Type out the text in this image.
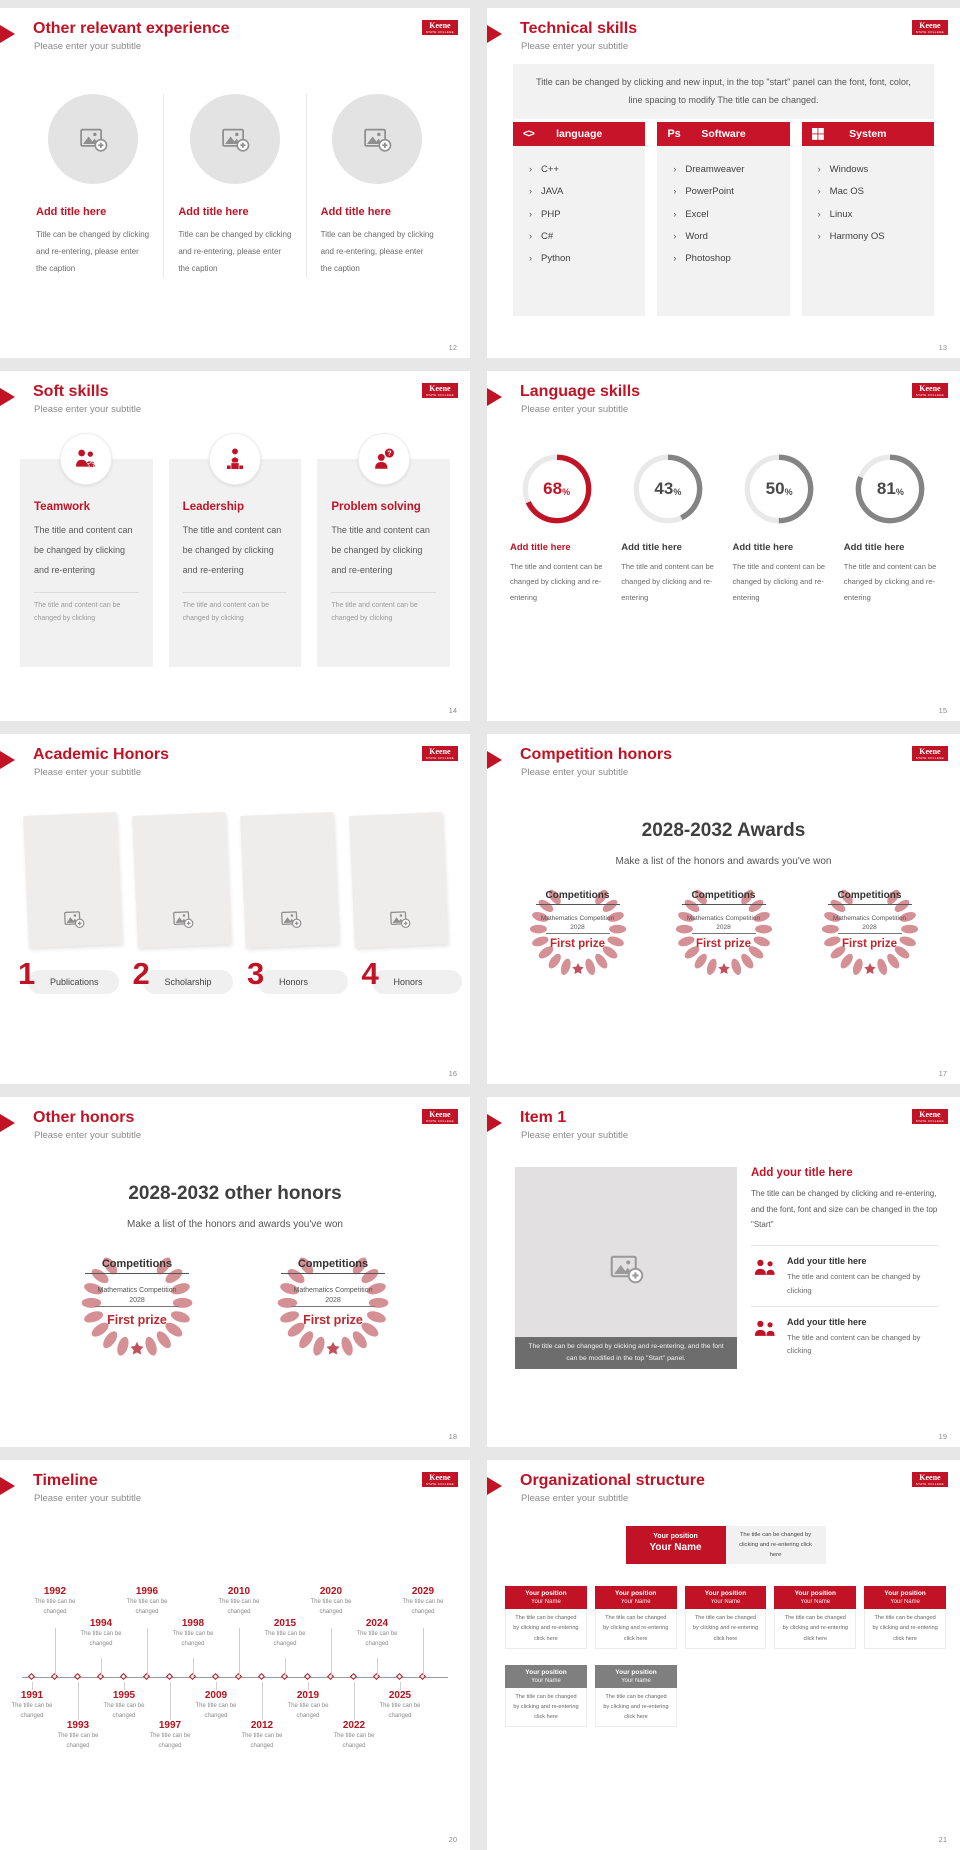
Other relevant experience
Please enter your subtitle
Keene
STATE COLLEGE
Add title here
Title can be changed by clicking and re-entering, please enter the caption
Add title here
Title can be changed by clicking and re-entering, please enter the caption
Add title here
Title can be changed by clicking and re-entering, please enter the caption
12
Technical skills
Please enter your subtitle
Keene
STATE COLLEGE
Title can be changed by clicking and new input, in the top "start" panel can the font, font, color, line spacing to modify The title can be changed.
<> language
› C++
› JAVA
› PHP
› C#
› Python
Ps Software
› Dreamweaver
› PowerPoint
› Excel
› Word
› Photoshop
System
› Windows
› Mac OS
› Linux
› Harmony OS
13
Soft skills
Please enter your subtitle
Keene
STATE COLLEGE
Teamwork
The title and content can be changed by clicking and re-entering
The title and content can be changed by clicking
Leadership
The title and content can be changed by clicking and re-entering
The title and content can be changed by clicking
Problem solving
The title and content can be changed by clicking and re-entering
The title and content can be changed by clicking
14
Language skills
Please enter your subtitle
Keene
STATE COLLEGE
68 %
Add title here
The title and content can be changed by clicking and re-entering
43 %
Add title here
The title and content can be changed by clicking and re-entering
50 %
Add title here
The title and content can be changed by clicking and re-entering
81 %
Add title here
The title and content can be changed by clicking and re-entering
15
Academic Honors
Please enter your subtitle
Keene
STATE COLLEGE
1	Publications	2	Scholarship	3	Honors	4	Honors
16
Competition honors
Please enter your subtitle
Keene
STATE COLLEGE
2028-2032 Awards
Make a list of the honors and awards you've won
Competitions
Mathematics Competition
2028
First prize
Competitions
Mathematics Competition
2028
First prize
Competitions
Mathematics Competition
2028
First prize
17
Other honors
Please enter your subtitle
Keene
STATE COLLEGE
2028-2032 other honors
Make a list of the honors and awards you've won
Competitions
Mathematics Competition
2028
First prize
Competitions
Mathematics Competition
2028
First prize
18
Item 1
Please enter your subtitle
Keene
STATE COLLEGE
The title can be changed by clicking and re-entering, and the font can be modified in the top "Start" panel.
Add your title here
The title can be changed by clicking and re-entering, and the font, font and size can be changed in the top "Start"
Add your title here
The title and content can be changed by clicking
Add your title here
The title and content can be changed by clicking
19
Timeline
Please enter your subtitle
Keene
STATE COLLEGE
1991
The title can be changed
1992
The title can be changed
1993
The title can be changed
1994
The title can be changed
1995
The title can be changed
1996
The title can be changed
1997
The title can be changed
1998
The title can be changed
2009
The title can be changed
2010
The title can be changed
2012
The title can be changed
2015
The title can be changed
2019
The title can be changed
2020
The title can be changed
2022
The title can be changed
2024
The title can be changed
2025
The title can be changed
2029
The title can be changed
20
Organizational structure
Please enter your subtitle
Keene
STATE COLLEGE
Your position
Your Name
The title can be changed by clicking and re-entering click here
Your position
Your Name
The title can be changed by clicking and re-entering click here
Your position
Your Name
The title can be changed by clicking and re-entering click here
Your position
Your Name
The title can be changed by clicking and re-entering click here
Your position
Your Name
The title can be changed by clicking and re-entering click here
Your position
Your Name
The title can be changed by clicking and re-entering click here
Your position
Your Name
The title can be changed by clicking and re-entering click here
Your position
Your Name
The title can be changed by clicking and re-entering click here
21
